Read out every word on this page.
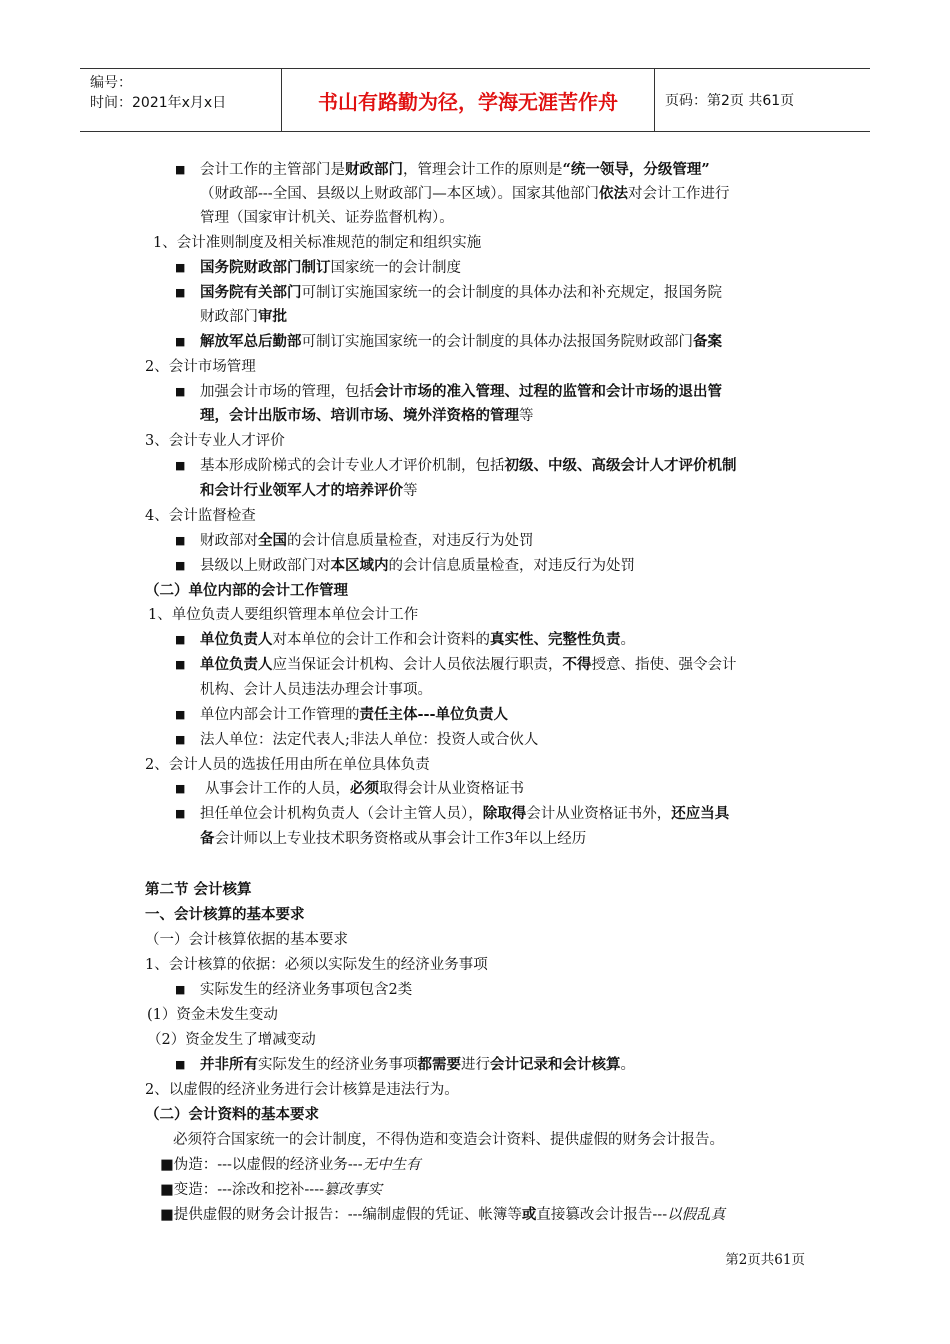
编号：
时间：2021年x月x日	书山有路勤为径，学海无涯苦作舟	页码：第2页 共61页
■ 会计工作的主管部门是财政部门，管理会计工作的原则是“统一领导，分级管理”
（财政部---全国、县级以上财政部门—本区域）。国家其他部门依法对会计工作进行
管理（国家审计机关、证券监督机构）。
1、会计准则制度及相关标准规范的制定和组织实施
■ 国务院财政部门制订国家统一的会计制度
■ 国务院有关部门可制订实施国家统一的会计制度的具体办法和补充规定，报国务院
财政部门审批
■ 解放军总后勤部可制订实施国家统一的会计制度的具体办法报国务院财政部门备案
2、会计市场管理
■ 加强会计市场的管理，包括会计市场的准入管理、过程的监管和会计市场的退出管
理，会计出版市场、培训市场、境外洋资格的管理等
3、会计专业人才评价
■ 基本形成阶梯式的会计专业人才评价机制，包括初级、中级、高级会计人才评价机制
和会计行业领军人才的培养评价等
4、会计监督检查
■ 财政部对全国的会计信息质量检查，对违反行为处罚
■ 县级以上财政部门对本区域内的会计信息质量检查，对违反行为处罚
（二）单位内部的会计工作管理
1、单位负责人要组织管理本单位会计工作
■ 单位负责人对本单位的会计工作和会计资料的真实性、完整性负责。
■ 单位负责人应当保证会计机构、会计人员依法履行职责，不得授意、指使、强令会计
机构、会计人员违法办理会计事项。
■ 单位内部会计工作管理的责任主体---单位负责人
■ 法人单位：法定代表人;非法人单位：投资人或合伙人
2、会计人员的选拔任用由所在单位具体负责
■ 从事会计工作的人员，必须取得会计从业资格证书
■ 担任单位会计机构负责人（会计主管人员），除取得会计从业资格证书外，还应当具
备会计师以上专业技术职务资格或从事会计工作3年以上经历
第二节 会计核算
一、会计核算的基本要求
（一）会计核算依据的基本要求
1、会计核算的依据：必须以实际发生的经济业务事项
■ 实际发生的经济业务事项包含2类
(1）资金未发生变动
（2）资金发生了增减变动
■ 并非所有实际发生的经济业务事项都需要进行会计记录和会计核算。
2、以虚假的经济业务进行会计核算是违法行为。
（二）会计资料的基本要求
必须符合国家统一的会计制度，不得伪造和变造会计资料、提供虚假的财务会计报告。
■伪造：---以虚假的经济业务---无中生有
■变造：---涂改和挖补----篡改事实
■提供虚假的财务会计报告：---编制虚假的凭证、帐簿等或直接篡改会计报告---以假乱真
第2页共61页
